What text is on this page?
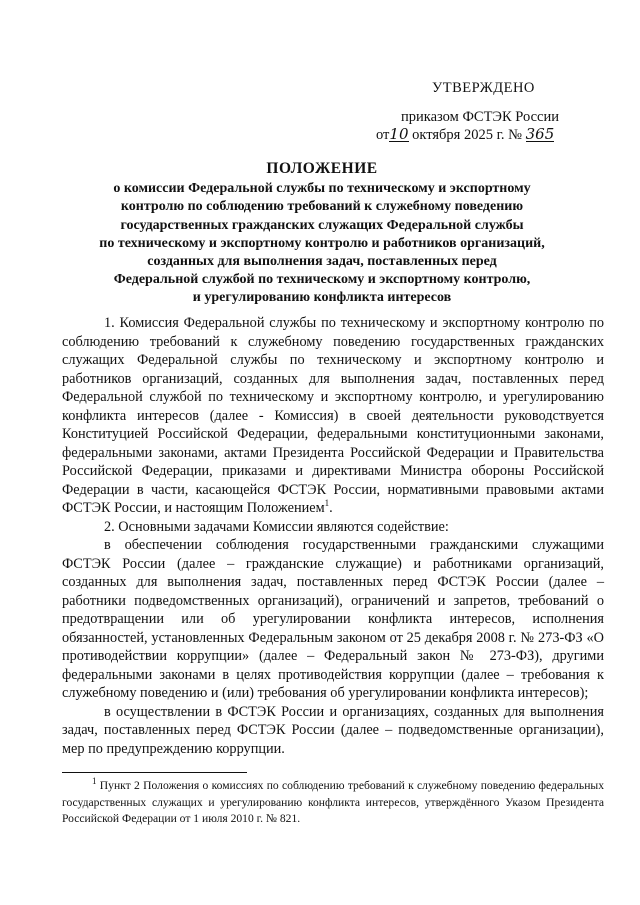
УТВЕРЖДЕНО
приказом ФСТЭК России
от10 октября 2025 г. № 365
ПОЛОЖЕНИЕ
о комиссии Федеральной службы по техническому и экспортному
контролю по соблюдению требований к служебному поведению
государственных гражданских служащих Федеральной службы
по техническому и экспортному контролю и работников организаций,
созданных для выполнения задач, поставленных перед
Федеральной службой по техническому и экспортному контролю,
и урегулированию конфликта интересов

1. Комиссия Федеральной службы по техническому и экспортному контролю по соблюдению требований к служебному поведению государственных гражданских служащих Федеральной службы по техническому и экспортному контролю и работников организаций, созданных для выполнения задач, поставленных перед Федеральной службой по техническому и экспортному контролю, и урегулированию конфликта интересов (далее - Комиссия) в своей деятельности руководствуется Конституцией Российской Федерации, федеральными конституционными законами, федеральными законами, актами Президента Российской Федерации и Правительства Российской Федерации, приказами и директивами Министра обороны Российской Федерации в части, касающейся ФСТЭК России, нормативными правовыми актами ФСТЭК России, и настоящим Положением$^1$.

2. Основными задачами Комиссии являются содействие:

в обеспечении соблюдения государственными гражданскими служащими ФСТЭК России (далее – гражданские служащие) и работниками организаций, созданных для выполнения задач, поставленных перед ФСТЭК России (далее – работники подведомственных организаций), ограничений и запретов, требований о предотвращении или об урегулировании конфликта интересов, исполнения обязанностей, установленных Федеральным законом от 25 декабря 2008 г. № 273-ФЗ «О противодействии коррупции» (далее – Федеральный закон № 273-ФЗ), другими федеральными законами в целях противодействия коррупции (далее – требования к служебному поведению и (или) требования об урегулировании конфликта интересов);

в осуществлении в ФСТЭК России и организациях, созданных для выполнения задач, поставленных перед ФСТЭК России (далее – подведомственные организации), мер по предупреждению коррупции.

$^1$ Пункт 2 Положения о комиссиях по соблюдению требований к служебному поведению федеральных государственных служащих и урегулированию конфликта интересов, утверждённого Указом Президента Российской Федерации от 1 июля 2010 г. № 821.
